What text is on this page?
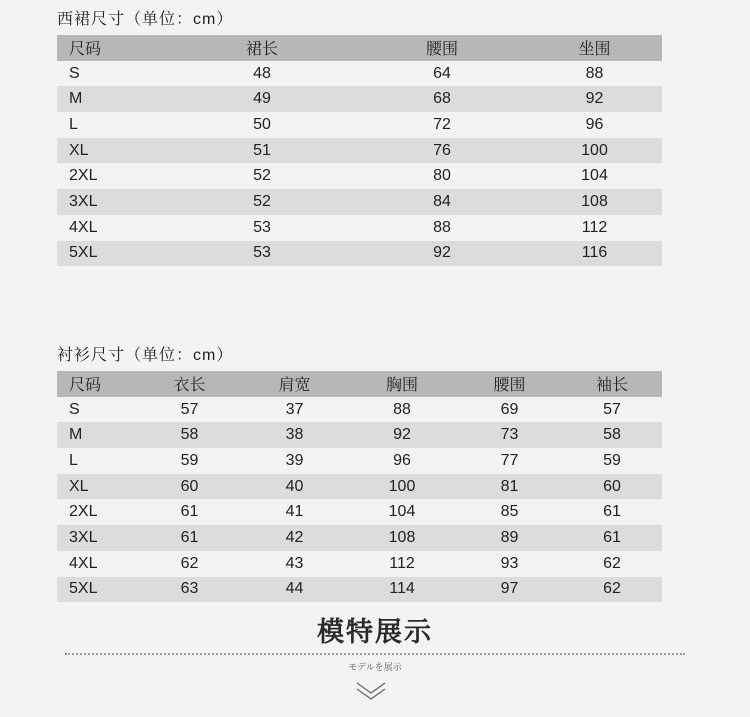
西裙尺寸（单位：cm）
尺码	裙长	腰围	坐围
S	48	64	88
M	49	68	92
L	50	72	96
XL	51	76	100
2XL	52	80	104
3XL	52	84	108
4XL	53	88	112
5XL	53	92	116
衬衫尺寸（单位：cm）
尺码	衣长	肩宽	胸围	腰围	袖长
S	57	37	88	69	57
M	58	38	92	73	58
L	59	39	96	77	59
XL	60	40	100	81	60
2XL	61	41	104	85	61
3XL	61	42	108	89	61
4XL	62	43	112	93	62
5XL	63	44	114	97	62
模特展示
モデルを展示
